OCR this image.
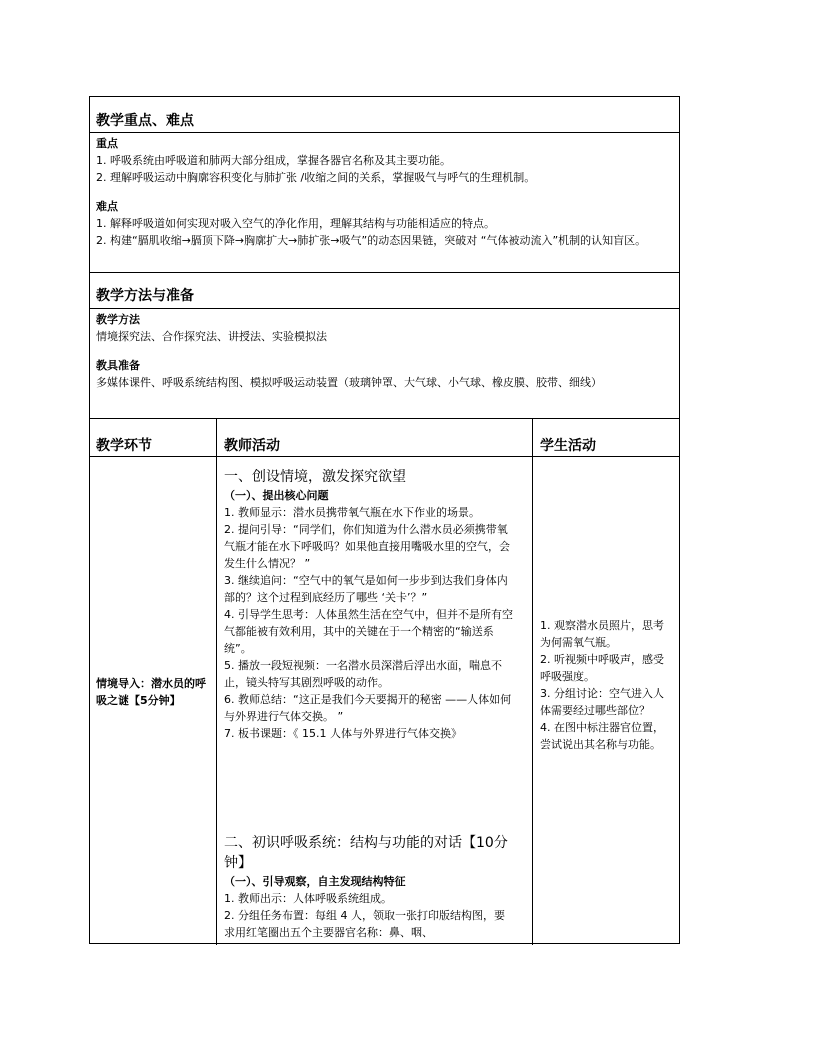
教学重点、难点
重点
1. 呼吸系统由呼吸道和肺两大部分组成，掌握各器官名称及其主要功能。
2. 理解呼吸运动中胸廓容积变化与肺扩张 /收缩之间的关系，掌握吸气与呼气的生理机制。
难点
1. 解释呼吸道如何实现对吸入空气的净化作用，理解其结构与功能相适应的特点。
2. 构建“膈肌收缩→膈顶下降→胸廓扩大→肺扩张→吸气”的动态因果链，突破对 “气体被动流入”机制的认知盲区。
教学方法与准备
教学方法
情境探究法、合作探究法、讲授法、实验模拟法
教具准备
多媒体课件、呼吸系统结构图、模拟呼吸运动装置（玻璃钟罩、大气球、小气球、橡皮膜、胶带、细线）
教学环节	教师活动	学生活动
情境导入：潜水员的呼吸之谜【5分钟】
一、创设情境，激发探究欲望
（一）、提出核心问题
1. 教师显示：潜水员携带氧气瓶在水下作业的场景。
2. 提问引导：“同学们，你们知道为什么潜水员必须携带氧气瓶才能在水下呼吸吗？如果他直接用嘴吸水里的空气，会发生什么情况？ ”
3. 继续追问：“空气中的氧气是如何一步步到达我们身体内部的？这个过程到底经历了哪些 ‘关卡’？”
4. 引导学生思考：人体虽然生活在空气中，但并不是所有空气都能被有效利用，其中的关键在于一个精密的“输送系统”。
5. 播放一段短视频：一名潜水员深潜后浮出水面，喘息不止，镜头特写其剧烈呼吸的动作。
6. 教师总结：“这正是我们今天要揭开的秘密 ——人体如何与外界进行气体交换。 ”
7. 板书课题：《 15.1 人体与外界进行气体交换》
二、初识呼吸系统：结构与功能的对话【10分钟】
（一）、引导观察，自主发现结构特征
1. 教师出示：人体呼吸系统组成。
2. 分组任务布置：每组 4 人，领取一张打印版结构图，要求用红笔圈出五个主要器官名称：鼻、咽、
1. 观察潜水员照片，思考为何需氧气瓶。
2. 听视频中呼吸声，感受呼吸强度。
3. 分组讨论：空气进入人体需要经过哪些部位？
4. 在图中标注器官位置，尝试说出其名称与功能。
